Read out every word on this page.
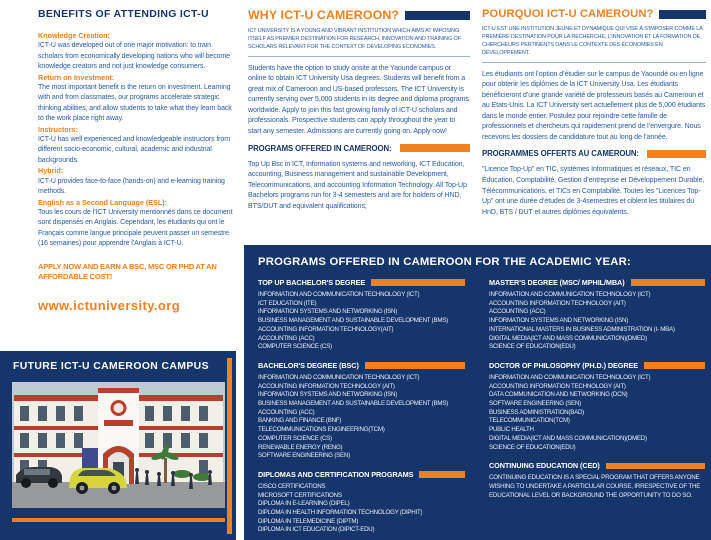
BENEFITS OF ATTENDING ICT-U
Knowledge Creation:
ICT-U was developed out of one major motivation: to train scholars from economically developing nations who will become knowledge creators and not just knowledge consumers.
Return on Investment:
The most important benefit is the return on investment. Learning with and from classmates, our programs accelerate strategic thinking abilities, and allow students to take what they learn back to the work place right away.
Instructors:
ICT-U has well experienced and knowledgeable instructors from different socio-economic, cultural, academic and industrial backgrounds.
Hybrid:
ICT-U provides face-to-face (hands-on) and e-learning training methods.
English as a Second Language (ESL):
Tous les cours de l’ICT University mentionnés dans ce document sont dispensés en Anglais. Cependant, les étudiants qui ont le Français comme langue principale peuvent passer un semestre (16 semaines) pour apprendre l’Anglais à ICT-U.
APPLY NOW AND EARN A BSC, MSC OR PHD AT AN AFFORDABLE COST!
www.ictuniversity.org
FUTURE ICT-U CAMEROON CAMPUS
WHY ICT-U CAMEROON?

ICT UNIVERSITY IS A YOUNG AND VIBRANT INSTITUTION WHICH AIMS AT IMPOSING ITSELF AS PREMIER DESTINATION FOR RESEARCH, INNOVATION AND TRAINING OF SCHOLARS RELEVANT FOR THE CONTEXT OF DEVELOPING ECONOMIES.

Students have the option to study onsite at the Yaounde campus or online to obtain ICT University Usa degrees. Students will benefit from a great mix of Cameroon and US-based professors. The ICT University is currently serving over 5,000 students in its degree and diploma programs worldwide. Apply to join this fast growing family of ICT-U scholars and professionals. Prospective students can apply throughout the year to start any semester. Admissions are currently going on. Apply now!

PROGRAMS OFFERED IN CAMEROON:

Top Up Bsc in ICT, Information systems and networking, ICT Education, accounting, Business management and sustainable Development, Telecommunications, and accounting Information Technology. All Top-Up Bachelors programs run for 3-4 semesters and are for holders of HND, BTS/DUT and equivalent qualifications;

POURQUOI ICT-U CAMEROUN?

ICT-U EST UNE INSTITUTION JEUNE ET DYNAMIQUE QUI VISE À S’IMPOSER COMME LA PREMIÈRE DESTINATION POUR LA RECHERCHE, L’INNOVATION ET LA FORMATION DE CHERCHEURS PERTINENTS DANS LE CONTEXTE DES ÉCONOMIES EN DÉVELOPPEMENT.

Les étudiants ont l’option d’étudier sur le campus de Yaoundé ou en ligne pour obtenir les diplômes de la ICT University Usa. Les étudiants bénéficieront d’une grande variété de professeurs basés au Cameroun et au Etats-Unis. La ICT University sert actuellement plus de 5,000 étudiants dans le monde entier. Postulez pour rejoindre cette famille de professionnels et chercheurs qui rapidement prend de l’envergure. Nous recevons les dossiers de candidature tout au long de l’année.

PROGRAMMES OFFERTS AU CAMEROUN:

"Licence Top-Up" en TIC, systèmes Informatiques et réseaux, TIC en Éducation, Comptabilité, Gestion d’entreprise et Développement Durable, Télécommunications, et TICs en Comptabilité. Toutes les "Licences Top-Up" ont une durée d’études de 3-4semestres et ciblent les titulaires du HnD, BTS / DUT et autres diplômes équivalents.

PROGRAMS OFFERED IN CAMEROON FOR THE ACADEMIC YEAR:
TOP UP BACHELOR'S DEGREE
INFORMATION AND COMMUNICATION TECHNOLOGY (ICT)
ICT EDUCATION (ITE)
INFORMATION SYSTEMS AND NETWORKING (ISN)
BUSINESS MANAGEMENT AND SUSTAINABLE DEVELOPMENT (BMS)
ACCOUNTING INFORMATION TECHNOLOGY(AIT)
ACCOUNTING (ACC)
COMPUTER SCIENCE (CS)
BACHELOR'S DEGREE (BSC)
INFORMATION AND COMMUNICATION TECHNOLOGY (ICT)
ACCOUNTING INFORMATION TECHNOLOGY (AIT)
INFORMATION SYSTEMS AND NETWORKING (ISN)
BUSINESS MANAGEMENT AND SUSTAINABLE DEVELOPMENT (BMS)
ACCOUNTING (ACC)
BANKING AND FINANCE (BNF)
TELECOMMUNICATIONS ENGINEERING(TCM)
COMPUTER SCIENCE (CS)
RENEWABLE ENERGY (RENG)
SOFTWARE ENGINEERING (SEN)
DIPLOMAS AND CERTIFICATION PROGRAMS
CISCO CERTIFICATIONS
MICROSOFT CERTIFICATIONS
DIPLOMA IN E-LEARNING (DIPEL)
DIPLOMA IN HEALTH INFORMATION TECHNOLOGY (DIPHIT)
DIPLOMA IN TELEMEDICINE (DIPTM)
DIPLOMA IN ICT EDUCATION (DIPICT-EDU)
MASTER'S DEGREE (MSC/ MPHIL/MBA)
INFORMATION AND COMMUNICATION TECHNOLOGY (ICT)
ACCOUNTING INFORMATION TECHNOLOGY (AIT)
ACCOUNTING (ACC)
INFORMATION SYSTEMS AND NETWORKING (ISN)
INTERNATIONAL MASTERS IN BUSINESS ADMINISTRATION (I- MBA)
DIGITAL MEDIA(ICT AND MASS COMMUNICATION)(DMED)
SCIENCE OF EDUCATION(EDU)
DOCTOR OF PHILOSOPHY (PH.D.) DEGREE
INFORMATION AND COMMUNICATION TECHNOLOGY (ICT)
ACCOUNTING INFORMATION TECHNOLOGY (AIT)
DATA COMMUNICATION AND NETWORKING (DCN)
SOFTWARE ENGINEERING (SEN)
BUSINESS ADMINISTRATION(BAD)
TELECOMMUNICATION(TCM)
PUBLIC HEALTH
DIGITAL MEDIA(ICT AND MASS COMMUNICATION)(DMED)
SCIENCE OF EDUCATION(EDU)
CONTINUING EDUCATION (CED)
CONTINUING EDUCATION IS A SPECIAL PROGRAM THAT OFFERS ANYONE WISHING TO UNDERTAKE A PARTICULAR COURSE, IRRESPECTIVE OF THE EDUCATIONAL LEVEL OR BACKGROUND THE OPPORTUNITY TO DO SO.
